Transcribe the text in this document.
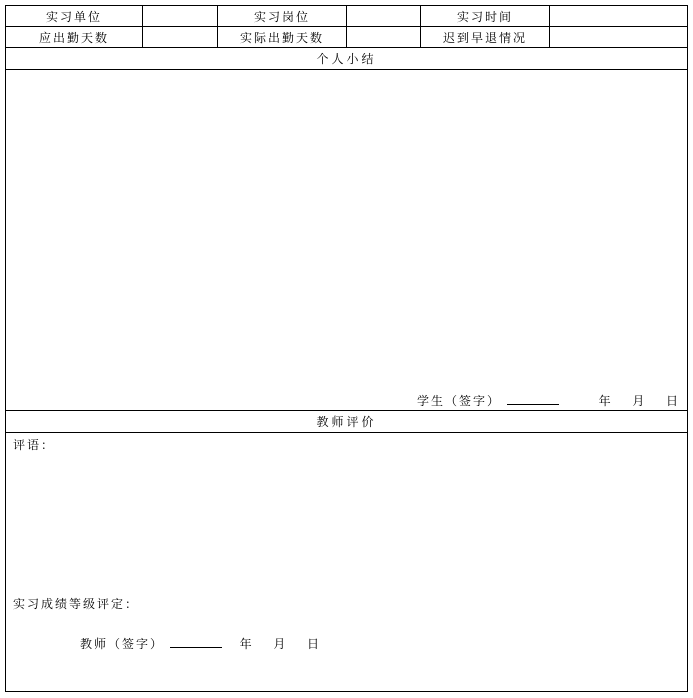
实习单位	实习岗位	实习时间
应出勤天数	实际出勤天数	迟到早退情况
个人小结
学生（签字）	年 月 日
教师评价
评语：
实习成绩等级评定：
教师（签字）	年 月 日
